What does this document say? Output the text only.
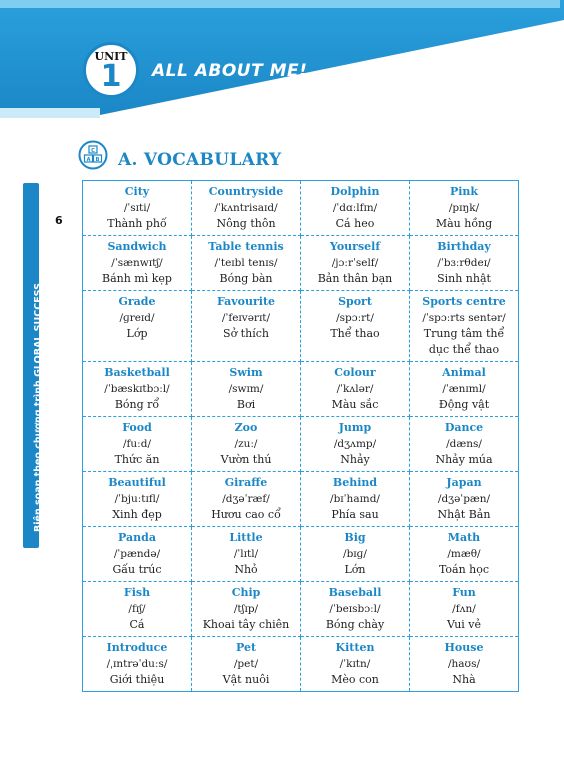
UNIT
1	ALL ABOUT ME!
Biên soạn theo chương trình GLOBAL SUCCESS
6
C
A B A. VOCABULARY
City
/ˈsɪti/
Thành phố	Countryside
/ˈkʌntrisaɪd/
Nông thôn	Dolphin
/ˈdɑːlfɪn/
Cá heo	Pink
/pɪŋk/
Màu hồng

Sandwich
/ˈsænwɪtʃ/
Bánh mì kẹp	Table tennis
/ˈteɪbl tenɪs/
Bóng bàn	Yourself
/jɔːrˈself/
Bản thân bạn	Birthday
/ˈbɜːrθdeɪ/
Sinh nhật

Grade
/ɡreɪd/
Lớp	Favourite
/ˈfeɪvərɪt/
Sở thích	Sport
/spɔːrt/
Thể thao	Sports centre
/ˈspɔːrts sentər/
Trung tâm thể dục thể thao

Basketball
/ˈbæskɪtbɔːl/
Bóng rổ	Swim
/swɪm/
Bơi	Colour
/ˈkʌlər/
Màu sắc	Animal
/ˈænɪml/
Động vật

Food
/fuːd/
Thức ăn	Zoo
/zuː/
Vườn thú	Jump
/dʒʌmp/
Nhảy	Dance
/dæns/
Nhảy múa

Beautiful
/ˈbjuːtɪfl/
Xinh đẹp	Giraffe
/dʒəˈræf/
Hươu cao cổ	Behind
/bɪˈhaɪnd/
Phía sau	Japan
/dʒəˈpæn/
Nhật Bản

Panda
/ˈpændə/
Gấu trúc	Little
/ˈlɪtl/
Nhỏ	Big
/bɪɡ/
Lớn	Math
/mæθ/
Toán học

Fish
/fɪʃ/
Cá	Chip
/tʃɪp/
Khoai tây chiên	Baseball
/ˈbeɪsbɔːl/
Bóng chày	Fun
/fʌn/
Vui vẻ

Introduce
/ˌɪntrəˈduːs/
Giới thiệu	Pet
/pet/
Vật nuôi	Kitten
/ˈkɪtn/
Mèo con	House
/haʊs/
Nhà
